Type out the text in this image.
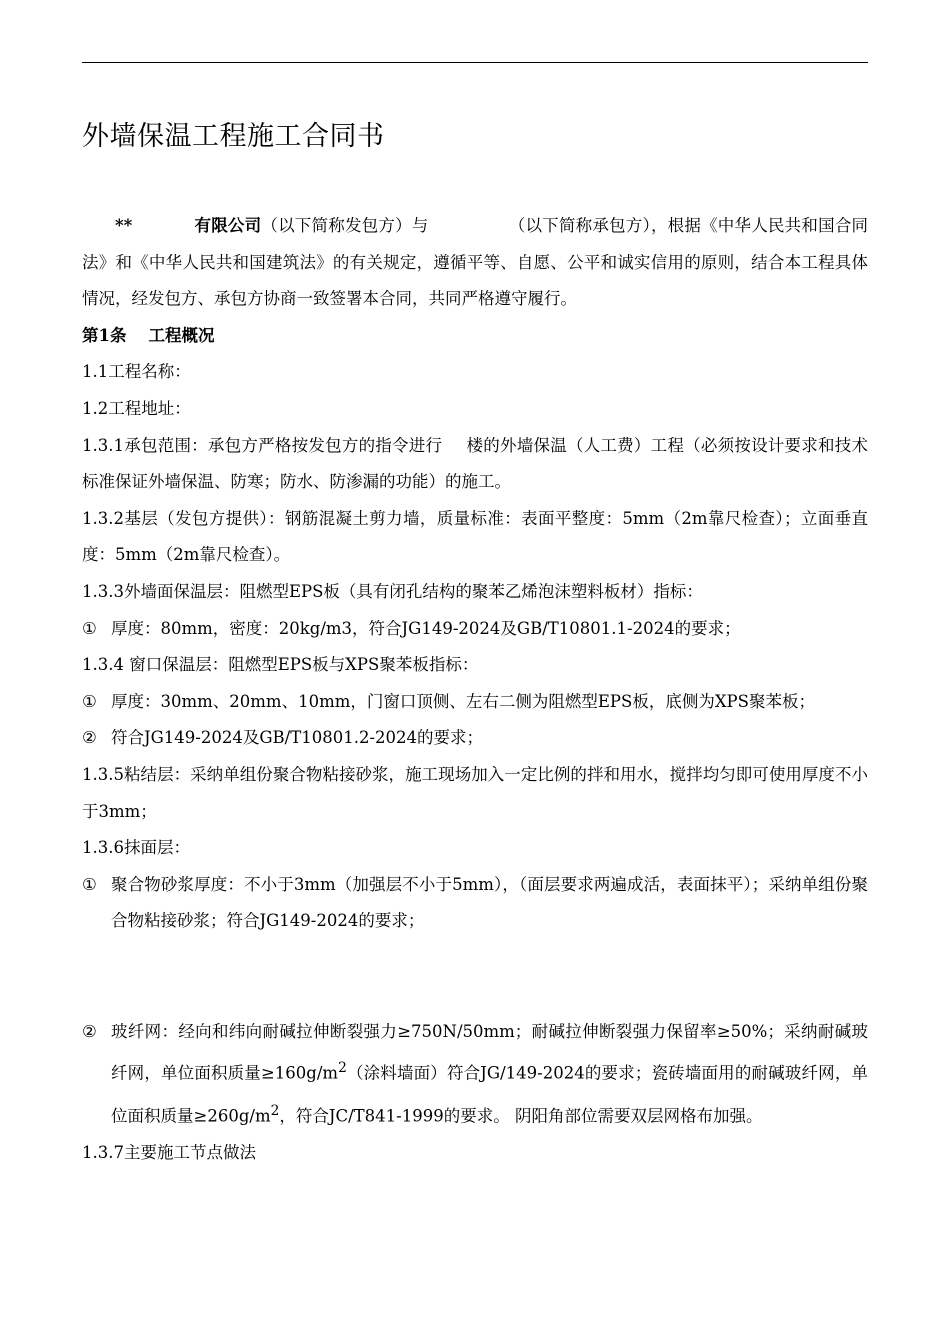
外墙保温工程施工合同书

**	有限公司（以下简称发包方）与	（以下简称承包方），根据《中华人民共和国合同法》和《中华人民共和国建筑法》的有关规定，遵循平等、自愿、公平和诚实信用的原则，结合本工程具体情况，经发包方、承包方协商一致签署本合同，共同严格遵守履行。

第1条 工程概况

1.1工程名称：

1.2工程地址：

1.3.1承包范围：承包方严格按发包方的指令进行 楼的外墙保温（人工费）工程（必须按设计要求和技术标准保证外墙保温、防寒；防水、防渗漏的功能）的施工。

1.3.2基层（发包方提供）：钢筋混凝土剪力墙，质量标准：表面平整度：5mm（2m靠尺检查）；立面垂直度：5mm（2m靠尺检查）。

1.3.3外墙面保温层：阻燃型EPS板（具有闭孔结构的聚苯乙烯泡沫塑料板材）指标：

① 厚度：80mm，密度：20kg/m3，符合JG149-2024及GB/T10801.1-2024的要求；

1.3.4 窗口保温层：阻燃型EPS板与XPS聚苯板指标：

① 厚度：30mm、20mm、10mm，门窗口顶侧、左右二侧为阻燃型EPS板，底侧为XPS聚苯板；
② 符合JG149-2024及GB/T10801.2-2024的要求；

1.3.5粘结层：采纳单组份聚合物粘接砂浆，施工现场加入一定比例的拌和用水，搅拌均匀即可使用厚度不小于3mm；

1.3.6抹面层：

① 聚合物砂浆厚度：不小于3mm（加强层不小于5mm），（面层要求两遍成活，表面抹平）；采纳单组份聚合物粘接砂浆；符合JG149-2024的要求；
② 玻纤网：经向和纬向耐碱拉伸断裂强力≥750N/50mm；耐碱拉伸断裂强力保留率≥50%；采纳耐碱玻纤网，单位面积质量$\ge 160g/m^2$（涂料墙面）符合JG/149-2024的要求；瓷砖墙面用的耐碱玻纤网，单位面积质量$\ge 260g/m^2$，符合JC/T841-1999的要求。 阴阳角部位需要双层网格布加强。

1.3.7主要施工节点做法
